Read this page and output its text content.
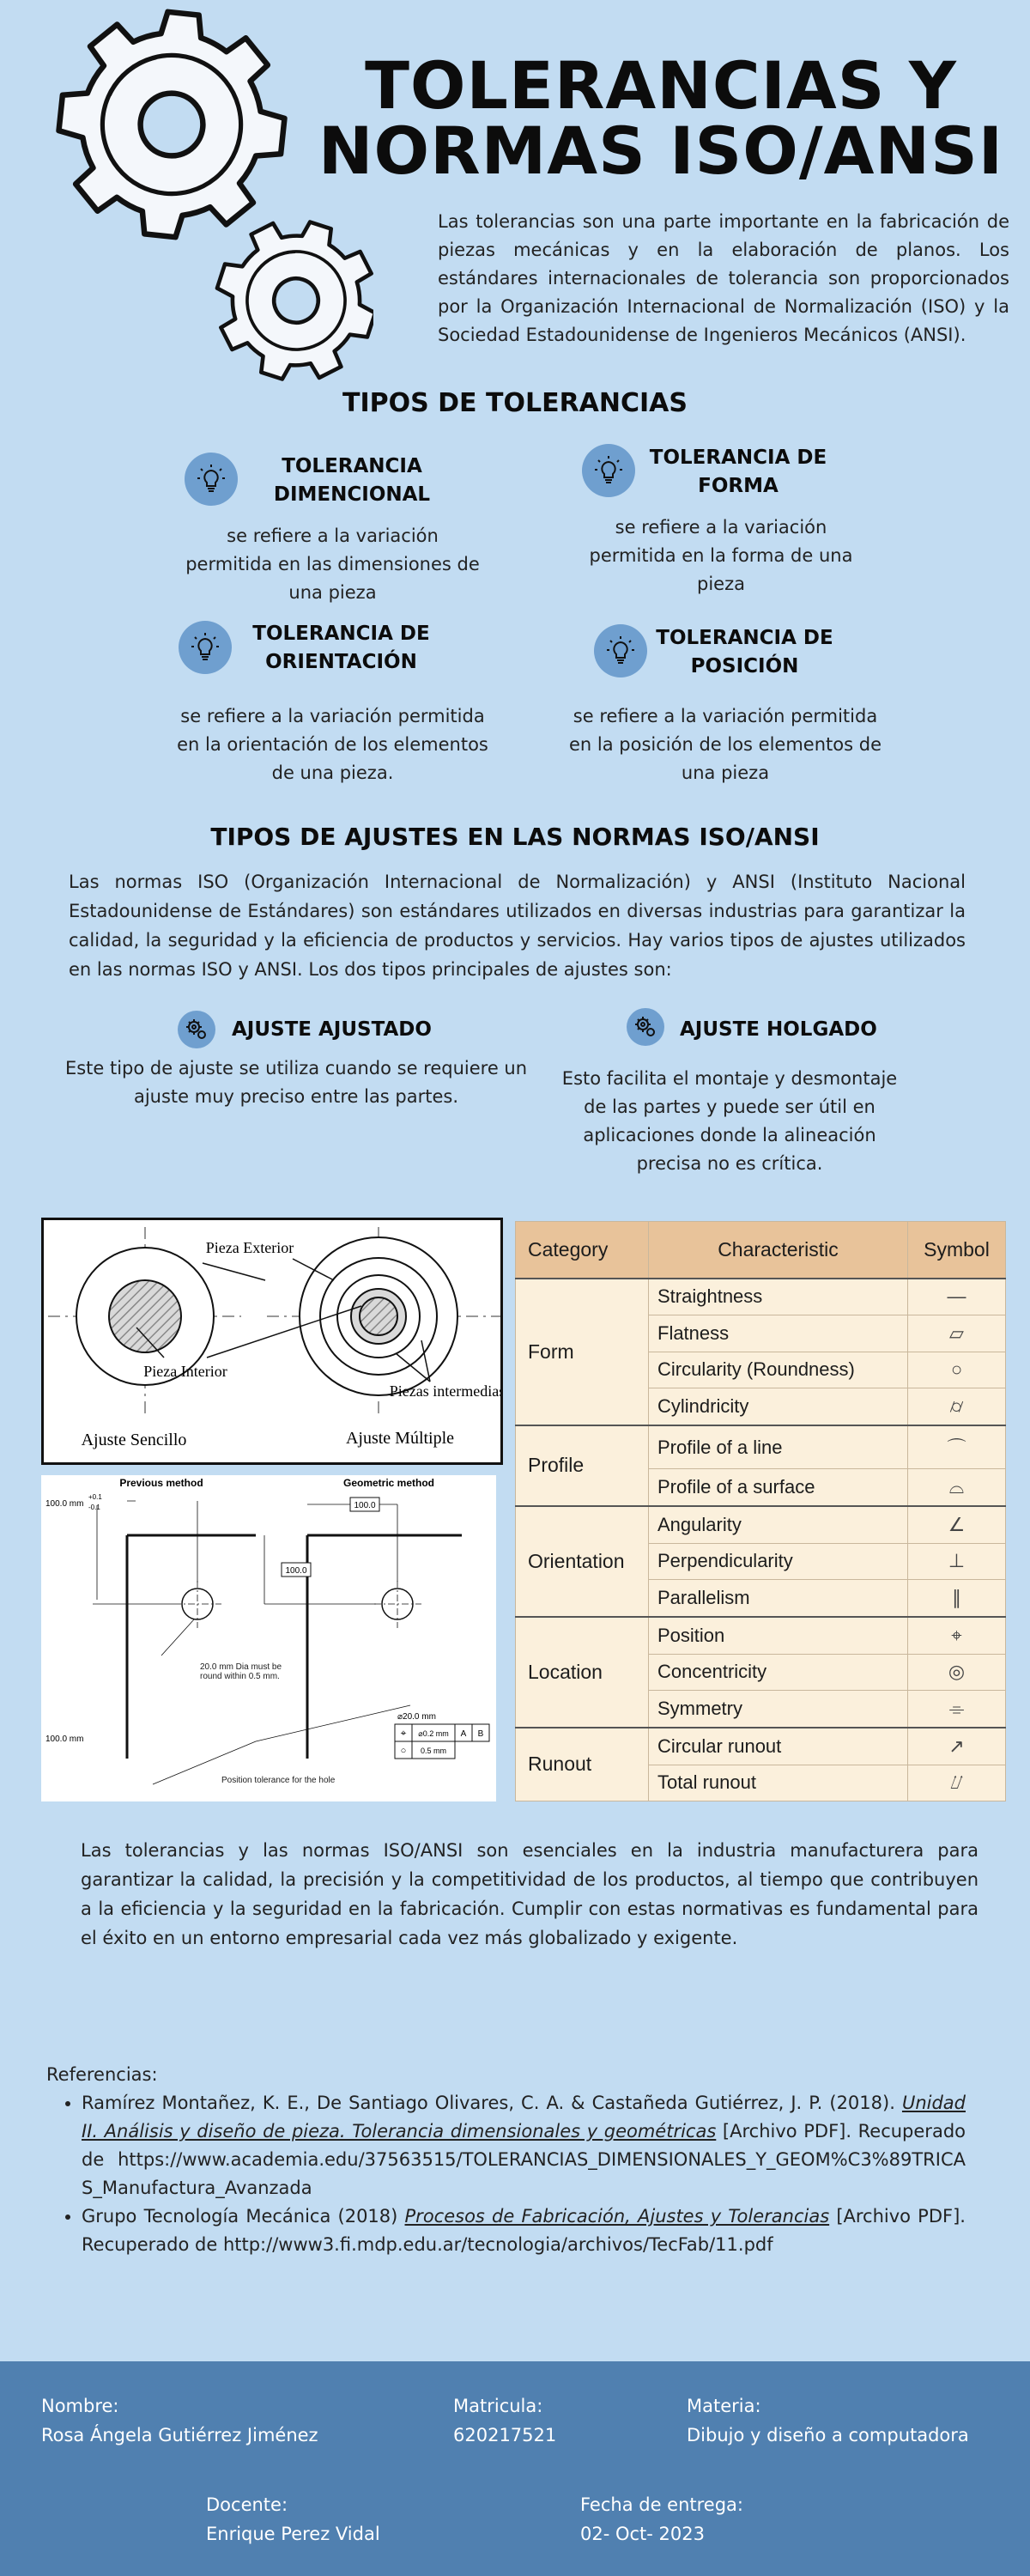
TOLERANCIAS Y
NORMAS ISO/ANSI
Las tolerancias son una parte importante en la fabricación de piezas mecánicas y en la elaboración de planos. Los estándares internacionales de tolerancia son proporcionados por la Organización Internacional de Normalización (ISO) y la Sociedad Estadounidense de Ingenieros Mecánicos (ANSI).
TIPOS DE TOLERANCIAS
TOLERANCIA DIMENCIONAL
se refiere a la variación permitida en las dimensiones de una pieza
TOLERANCIA DE FORMA
se refiere a la variación permitida en la forma de una pieza
TOLERANCIA DE ORIENTACIÓN
se refiere a la variación permitida en la orientación de los elementos de una pieza.
TOLERANCIA DE POSICIÓN
se refiere a la variación permitida en la posición de los elementos de una pieza
TIPOS DE AJUSTES EN LAS NORMAS ISO/ANSI
Las normas ISO (Organización Internacional de Normalización) y ANSI (Instituto Nacional Estadounidense de Estándares) son estándares utilizados en diversas industrias para garantizar la calidad, la seguridad y la eficiencia de productos y servicios. Hay varios tipos de ajustes utilizados en las normas ISO y ANSI. Los dos tipos principales de ajustes son:
AJUSTE AJUSTADO
Este tipo de ajuste se utiliza cuando se requiere un ajuste muy preciso entre las partes.
AJUSTE HOLGADO
Esto facilita el montaje y desmontaje de las partes y puede ser útil en aplicaciones donde la alineación precisa no es crítica.
Pieza Exterior
Pieza Interior
Piezas intermedias
Ajuste Sencillo	Ajuste Múltiple
Previous method	Geometric method
100.0 mm
+0.1
-0.1
100.0 mm
100.0
100.0
20.0 mm Dia must be round within 0.5 mm.
⌀20.0 mm
⌖ ⌀0.2 mm A B
○ 0.5 mm
Position tolerance for the hole
Category	Characteristic	Symbol
Form	Straightness	—
	Flatness	▱
	Circularity (Roundness)	○
	Cylindricity	⌭
Profile	Profile of a line	⌒
	Profile of a surface	⌓
Orientation	Angularity	∠
	Perpendicularity	⊥
	Parallelism	∥
Location	Position	⌖
	Concentricity	◎
	Symmetry	⌯
Runout	Circular runout	↗
	Total runout	⌰
Las tolerancias y las normas ISO/ANSI son esenciales en la industria manufacturera para garantizar la calidad, la precisión y la competitividad de los productos, al tiempo que contribuyen a la eficiencia y la seguridad en la fabricación. Cumplir con estas normativas es fundamental para el éxito en un entorno empresarial cada vez más globalizado y exigente.
Referencias:
• Ramírez Montañez, K. E., De Santiago Olivares, C. A. & Castañeda Gutiérrez, J. P. (2018). Unidad II. Análisis y diseño de pieza. Tolerancia dimensionales y geométricas [Archivo PDF]. Recuperado de https://www.academia.edu/37563515/TOLERANCIAS_DIMENSIONALES_Y_GEOM%C3%89TRICAS_Manufactura_Avanzada
• Grupo Tecnología Mecánica (2018) Procesos de Fabricación, Ajustes y Tolerancias [Archivo PDF]. Recuperado de http://www3.fi.mdp.edu.ar/tecnologia/archivos/TecFab/11.pdf
Nombre:
Rosa Ángela Gutiérrez Jiménez
Matricula:
620217521
Materia:
Dibujo y diseño a computadora
Docente:
Enrique Perez Vidal
Fecha de entrega:
02- Oct- 2023
